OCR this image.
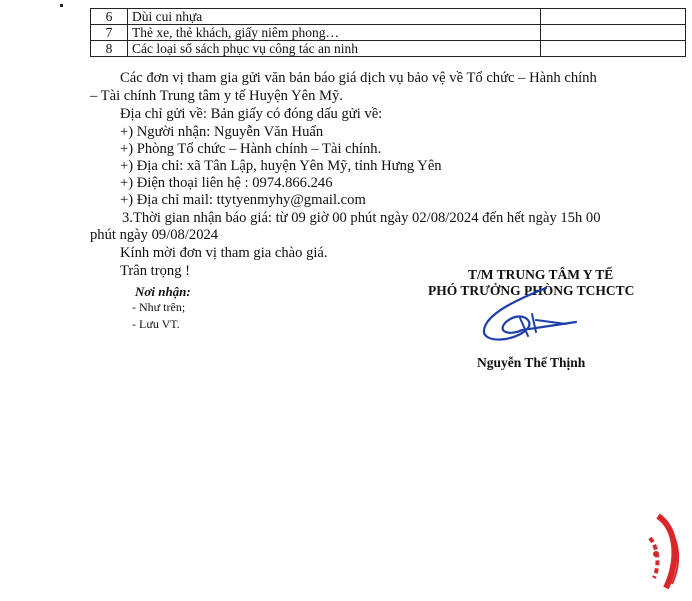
6	Dùi cui nhựa	
7	Thẻ xe, thẻ khách, giấy niêm phong…	
8	Các loại sổ sách phục vụ công tác an ninh	
Các đơn vị tham gia gửi văn bản báo giá dịch vụ bảo vệ về Tổ chức – Hành chính
– Tài chính Trung tâm y tế Huyện Yên Mỹ.
Địa chỉ gửi về: Bản giấy có đóng dấu gửi về:
+) Người nhận: Nguyễn Văn Huấn
+) Phòng Tổ chức – Hành chính – Tài chính.
+) Địa chỉ: xã Tân Lập, huyện Yên Mỹ, tỉnh Hưng Yên
+) Điện thoại liên hệ : 0974.866.246
+) Địa chỉ mail: ttytyenmyhy@gmail.com
3.Thời gian nhận báo giá: từ 09 giờ 00 phút ngày 02/08/2024 đến hết ngày 15h 00
phút ngày 09/08/2024
Kính mời đơn vị tham gia chào giá.
Trân trọng !
Nơi nhận:
- Như trên;
- Lưu VT.
T/M TRUNG TÂM Y TẾ
PHÓ TRƯỞNG PHÒNG TCHCTC
Nguyễn Thế Thịnh
